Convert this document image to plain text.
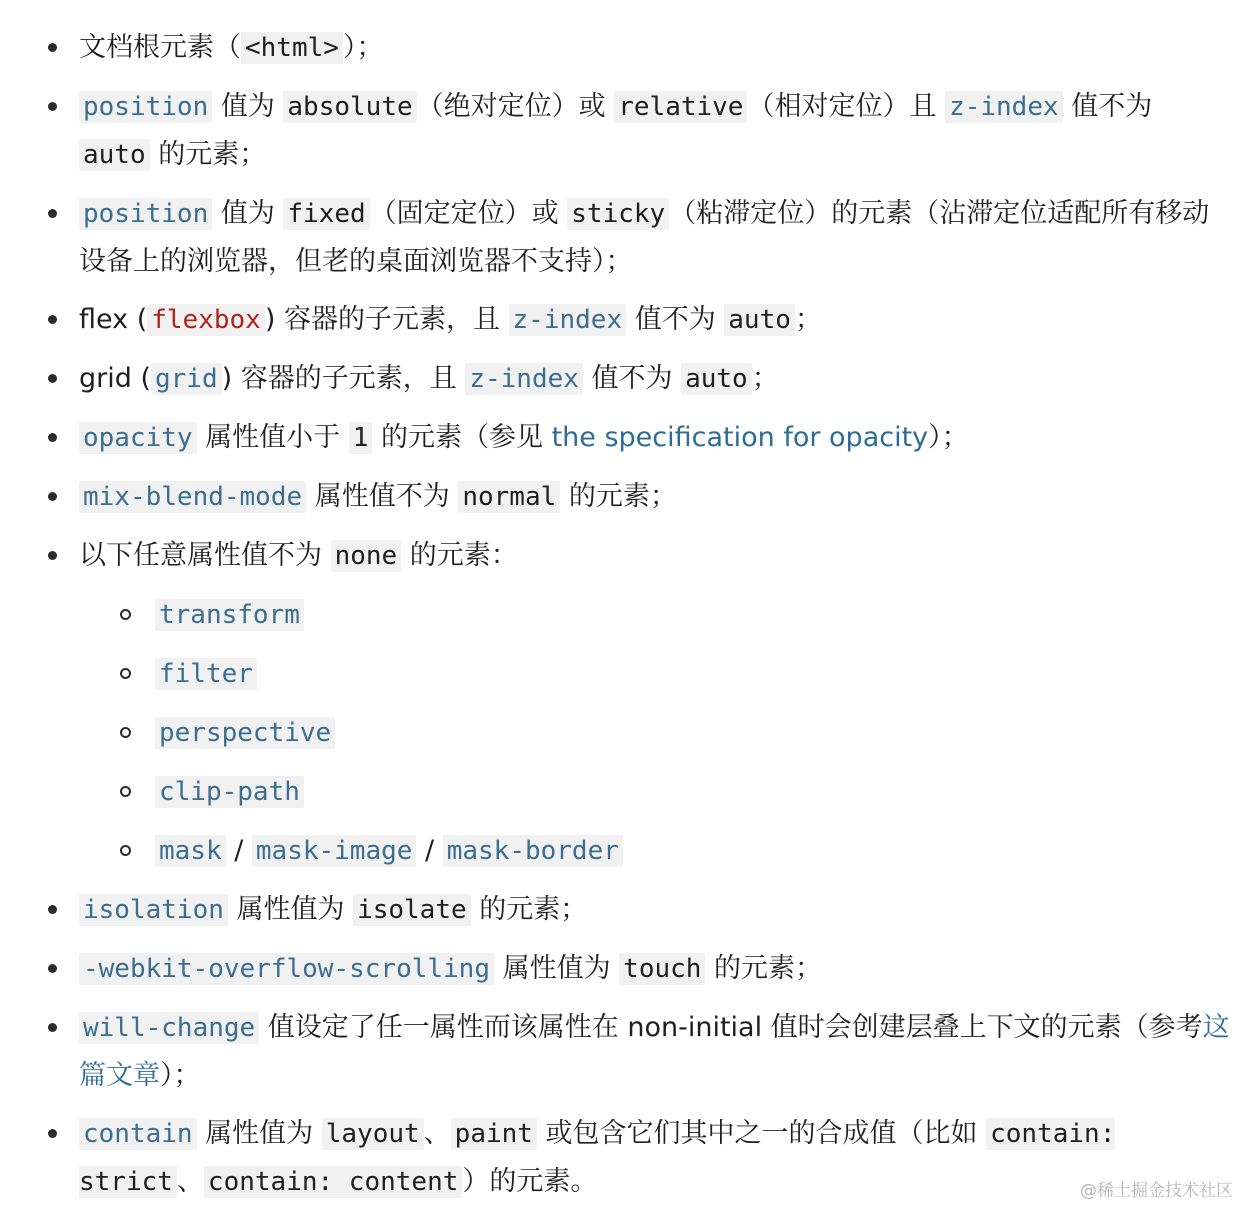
文档根元素（ <html> ）；
position 值为 absolute （绝对定位）或 relative （相对定位）且 z-index 值不为 auto 的元素；
position 值为 fixed （固定定位）或 sticky （粘滞定位）的元素（沾滞定位适配所有移动设备上的浏览器，但老的桌面浏览器不支持）；
flex ( flexbox ) 容器的子元素，且 z-index 值不为 auto ；
grid ( grid ) 容器的子元素，且 z-index 值不为 auto ；
opacity 属性值小于 1 的元素（参见 the specification for opacity）；
mix-blend-mode 属性值不为 normal 的元素；
以下任意属性值不为 none 的元素：
transform
filter
perspective
clip-path
mask / mask-image / mask-border
isolation 属性值为 isolate 的元素；
-webkit-overflow-scrolling 属性值为 touch 的元素；
will-change 值设定了任一属性而该属性在 non-initial 值时会创建层叠上下文的元素（参考这篇文章）；
contain 属性值为 layout 、 paint 或包含它们其中之一的合成值（比如 contain: strict 、 contain: content ）的元素。	@稀土掘金技术社区
